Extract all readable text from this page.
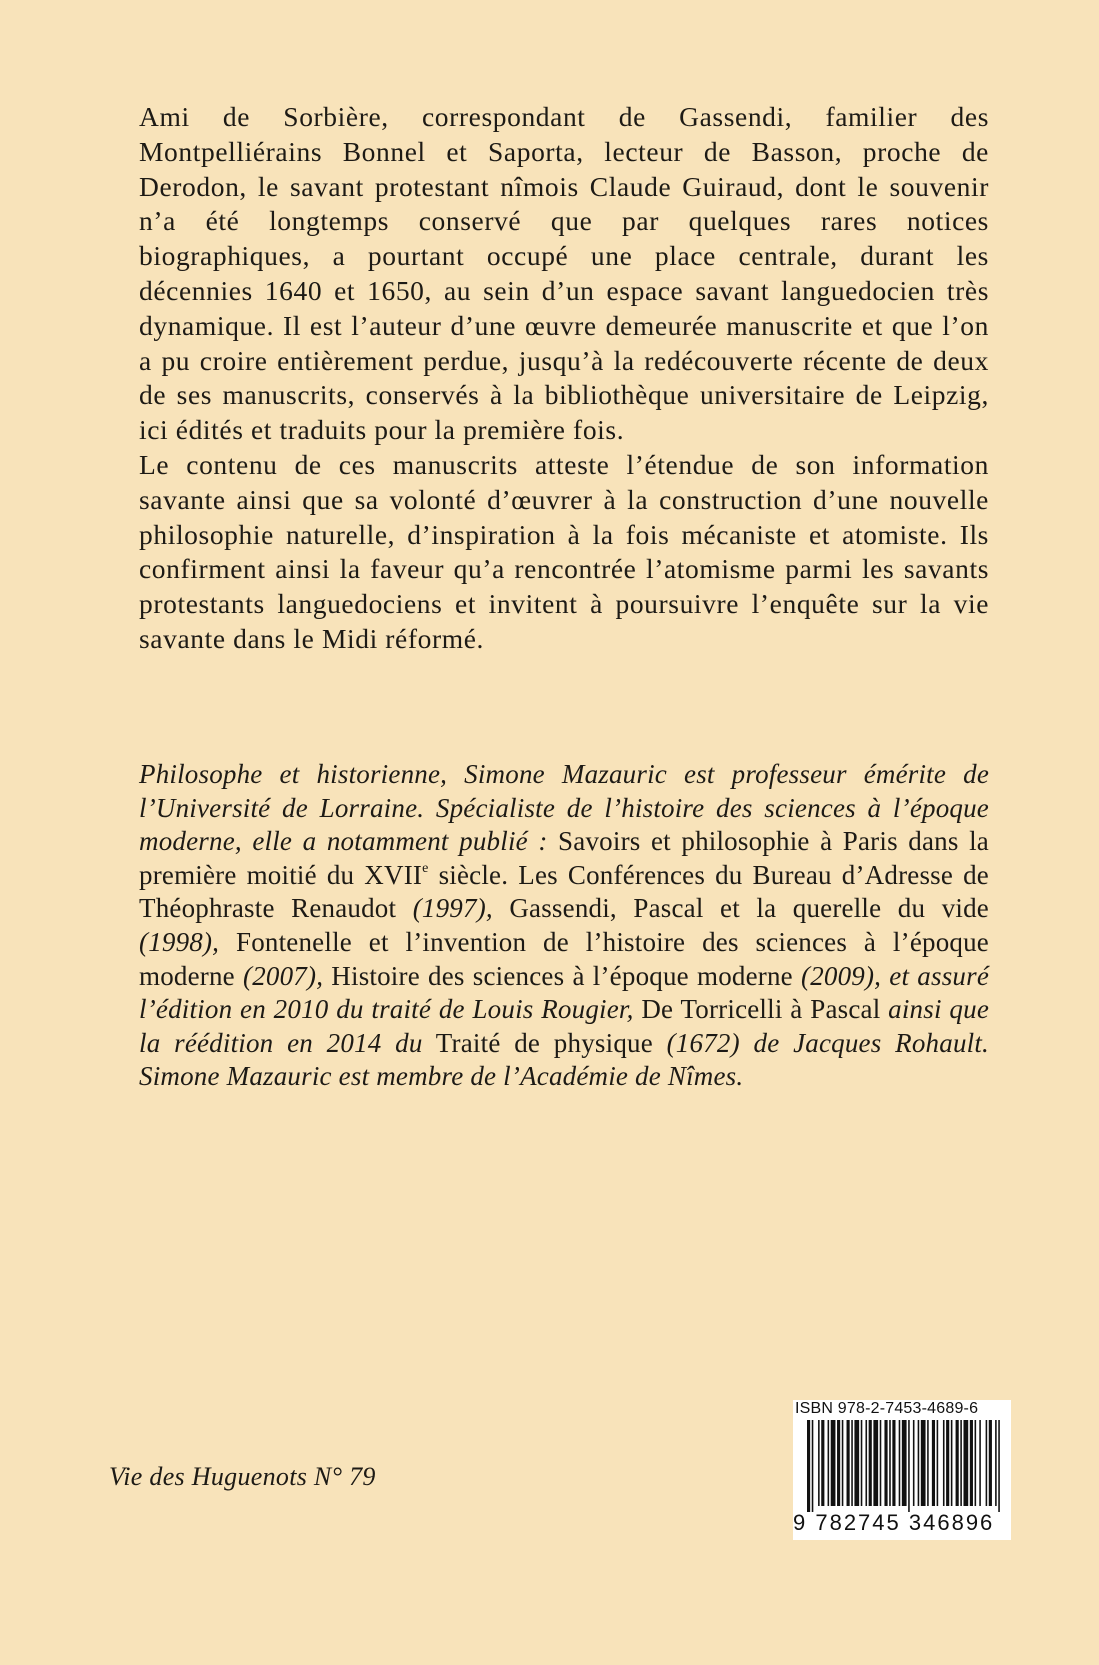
Ami de Sorbière, correspondant de Gassendi, familier des Montpelliérains Bonnel et Saporta, lecteur de Basson, proche de Derodon, le savant protestant nîmois Claude Guiraud, dont le souvenir n’a été longtemps conservé que par quelques rares notices biographiques, a pourtant occupé une place centrale, durant les décennies 1640 et 1650, au sein d’un espace savant languedocien très dynamique. Il est l’auteur d’une œuvre demeurée manuscrite et que l’on a pu croire entièrement perdue, jusqu’à la redécouverte récente de deux de ses manuscrits, conservés à la bibliothèque universitaire de Leipzig, ici édités et traduits pour la première fois.

Le contenu de ces manuscrits atteste l’étendue de son information savante ainsi que sa volonté d’œuvrer à la construction d’une nouvelle philosophie naturelle, d’inspiration à la fois mécaniste et atomiste. Ils confirment ainsi la faveur qu’a rencontrée l’atomisme parmi les savants protestants languedociens et invitent à poursuivre l’enquête sur la vie savante dans le Midi réformé.

Philosophe et historienne, Simone Mazauric est professeur émérite de l’Université de Lorraine. Spécialiste de l’histoire des sciences à l’époque moderne, elle a notamment publié : Savoirs et philosophie à Paris dans la première moitié du XVIIe siècle. Les Conférences du Bureau d’Adresse de Théophraste Renaudot (1997), Gassendi, Pascal et la querelle du vide (1998), Fontenelle et l’invention de l’histoire des sciences à l’époque moderne (2007), Histoire des sciences à l’époque moderne (2009), et assuré l’édition en 2010 du traité de Louis Rougier, De Torricelli à Pascal ainsi que la réédition en 2014 du Traité de physique (1672) de Jacques Rohault. Simone Mazauric est membre de l’Académie de Nîmes.
Vie des Huguenots N° 79
ISBN 978-2-7453-4689-6
9 782745 346896
